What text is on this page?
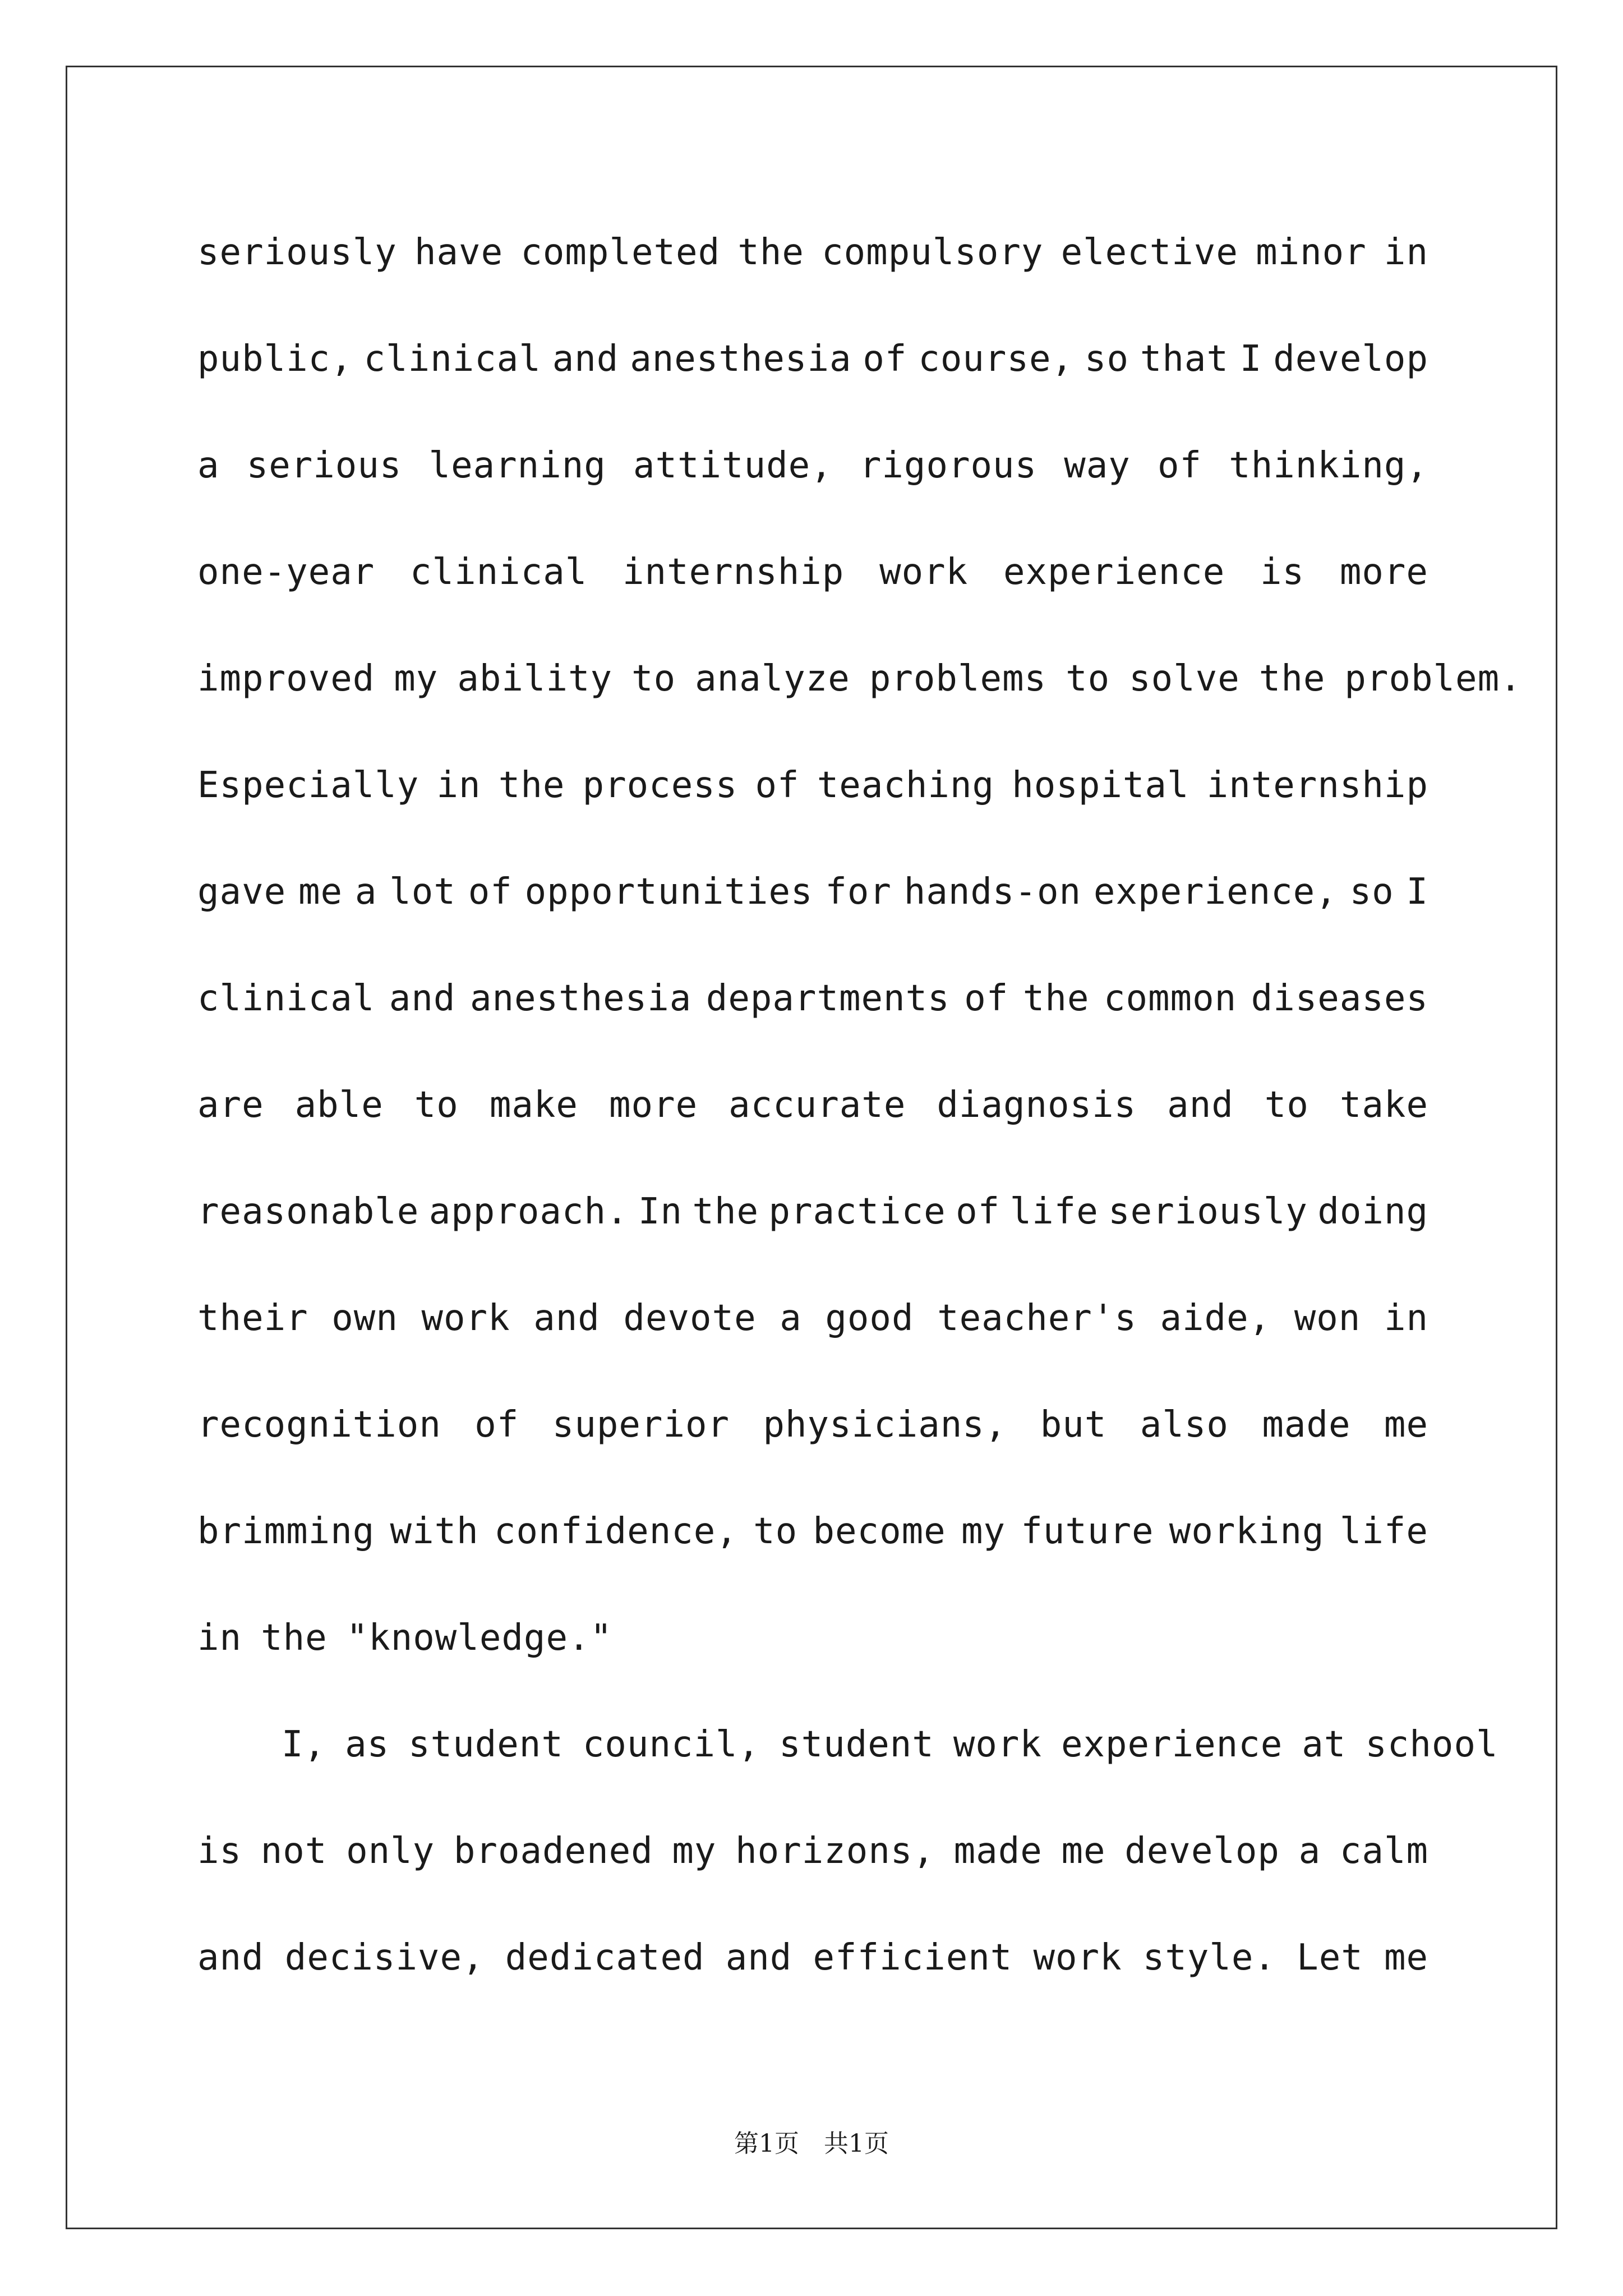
seriously have completed the compulsory elective minor in
public, clinical and anesthesia of course, so that I develop
a serious learning attitude, rigorous way of thinking,
one-year clinical internship work experience is more
improved my ability to analyze problems to solve the problem.
Especially in the process of teaching hospital internship
gave me a lot of opportunities for hands-on experience, so I
clinical and anesthesia departments of the common diseases
are able to make more accurate diagnosis and to take
reasonable approach. In the practice of life seriously doing
their own work and devote a good teacher's aide, won in
recognition of superior physicians, but also made me
brimming with confidence, to become my future working life
in the "knowledge."
I, as student council, student work experience at school
is not only broadened my horizons, made me develop a calm
and decisive, dedicated and efficient work style. Let me
第1页　共1页
